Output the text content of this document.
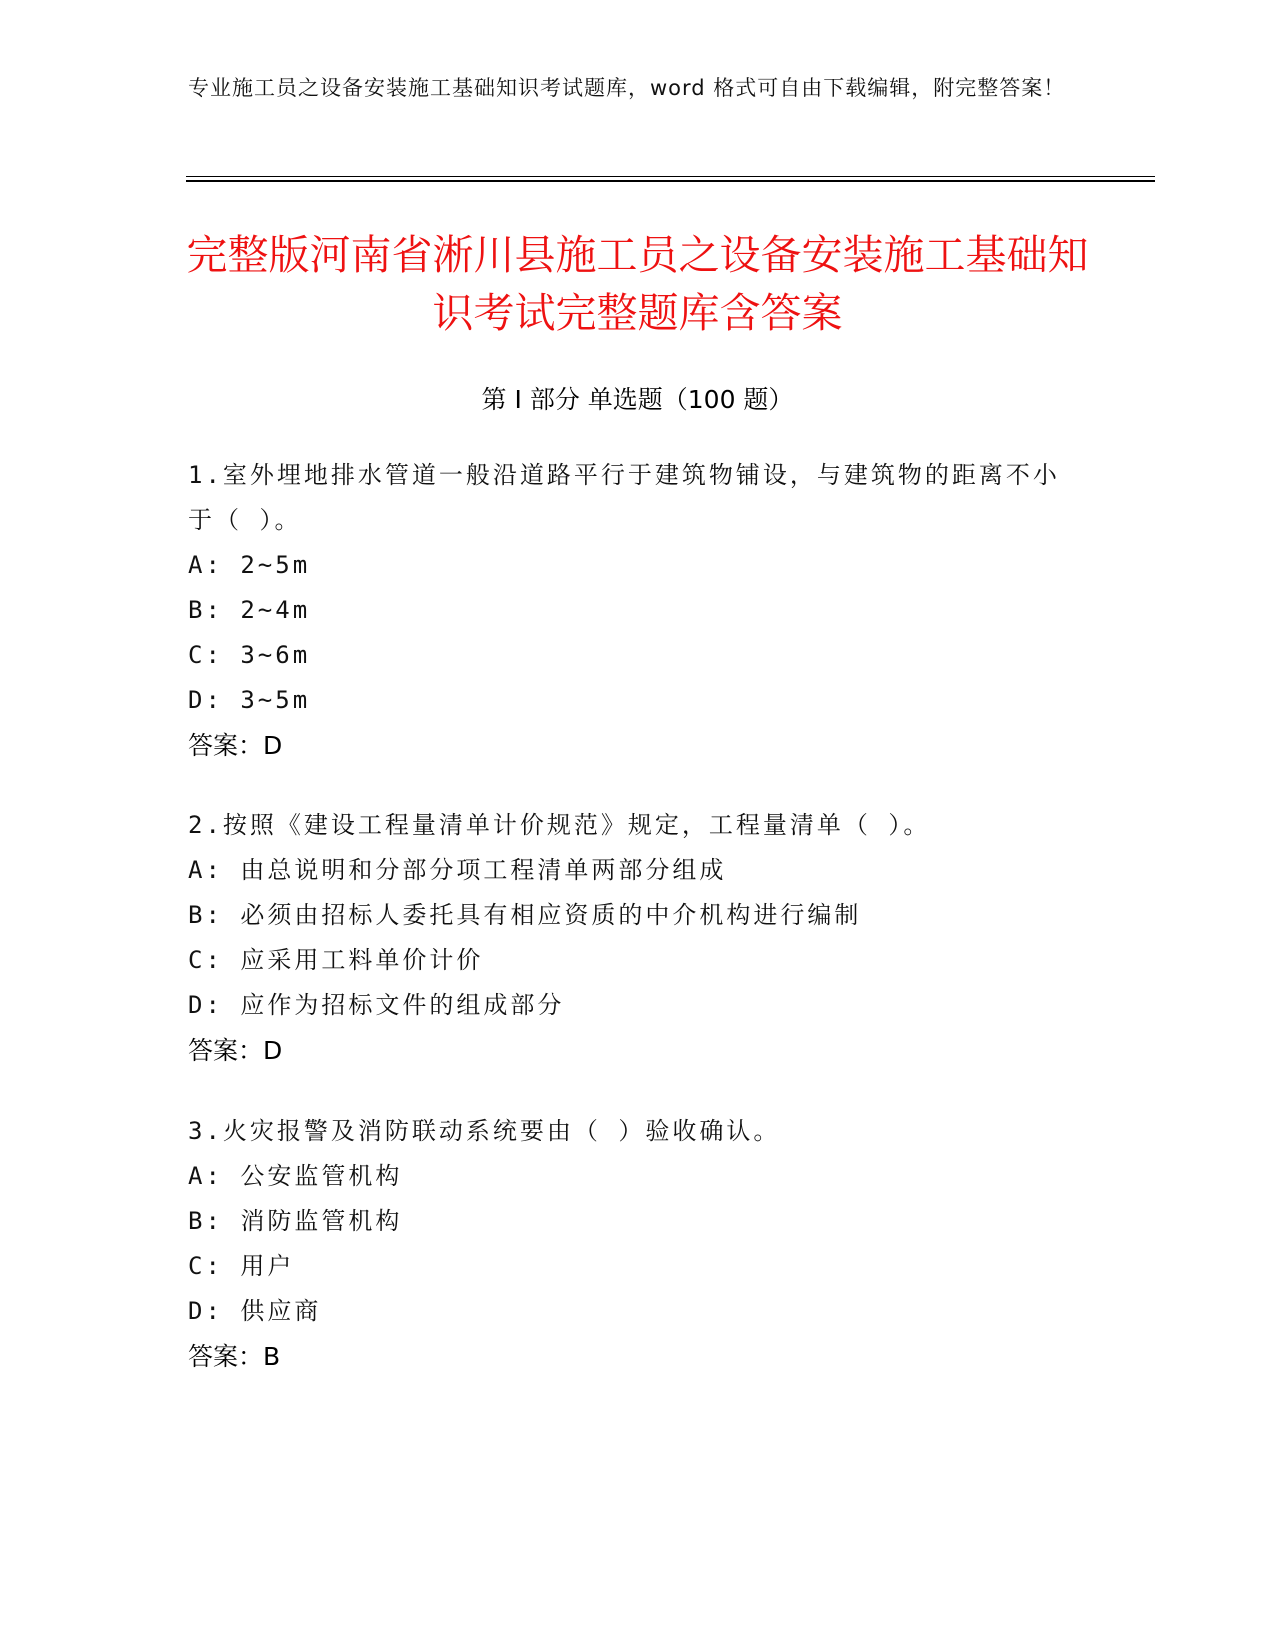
专业施工员之设备安装施工基础知识考试题库，word 格式可自由下载编辑，附完整答案！
完整版河南省淅川县施工员之设备安装施工基础知识考试完整题库含答案
第 I 部分 单选题（100 题）
1.室外埋地排水管道一般沿道路平行于建筑物铺设，与建筑物的距离不小于（ ）。
A: 2~5m
B: 2~4m
C: 3~6m
D: 3~5m
答案：D
2.按照《建设工程量清单计价规范》规定，工程量清单（ ）。
A: 由总说明和分部分项工程清单两部分组成
B: 必须由招标人委托具有相应资质的中介机构进行编制
C: 应采用工料单价计价
D: 应作为招标文件的组成部分
答案：D
3.火灾报警及消防联动系统要由（ ）验收确认。
A: 公安监管机构
B: 消防监管机构
C: 用户
D: 供应商
答案：B
